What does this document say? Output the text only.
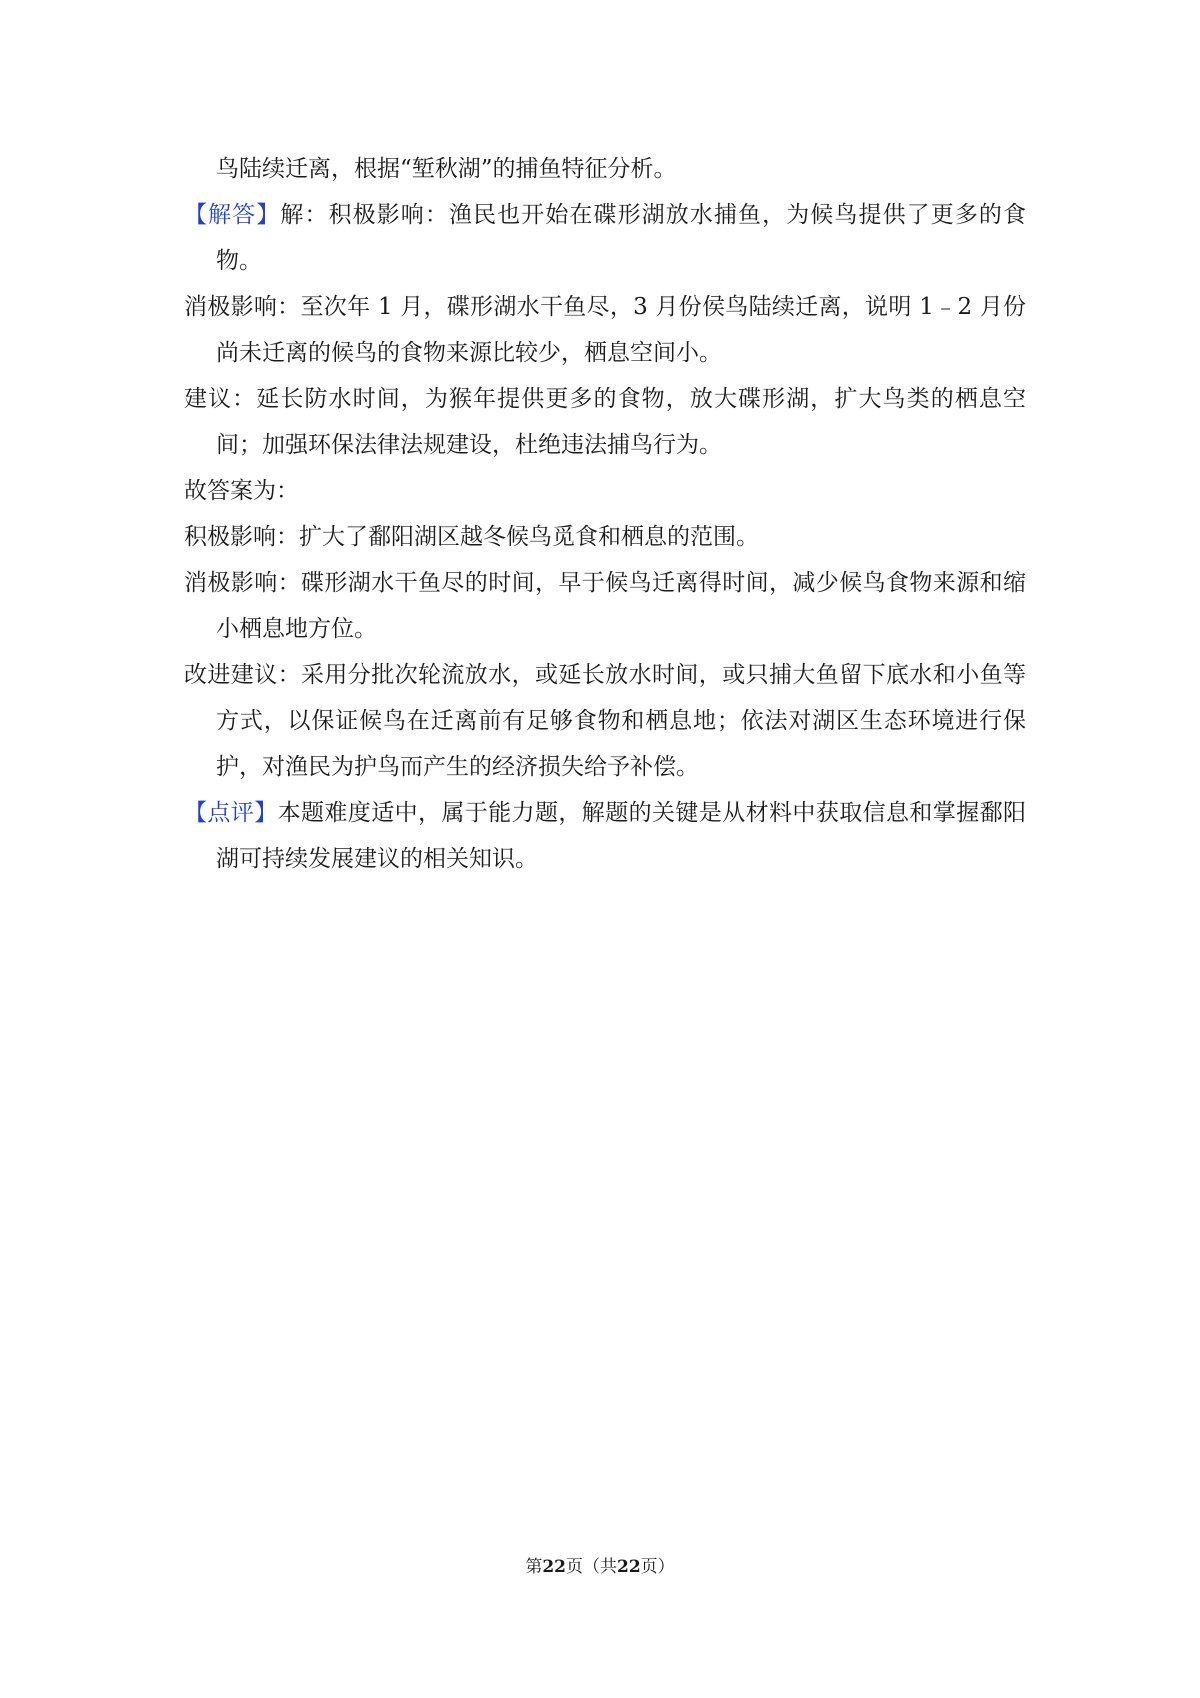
鸟陆续迁离，根据“堑秋湖”的捕鱼特征分析。

【解答】解：积极影响：渔民也开始在碟形湖放水捕鱼，为候鸟提供了更多的食物。

消极影响：至次年 1 月，碟形湖水干鱼尽，3 月份侯鸟陆续迁离，说明 1﹣2 月份尚未迁离的候鸟的食物来源比较少，栖息空间小。

建议：延长防水时间，为猴年提供更多的食物，放大碟形湖，扩大鸟类的栖息空间；加强环保法律法规建设，杜绝违法捕鸟行为。

故答案为：

积极影响：扩大了鄱阳湖区越冬候鸟觅食和栖息的范围。

消极影响：碟形湖水干鱼尽的时间，早于候鸟迁离得时间，减少候鸟食物来源和缩小栖息地方位。

改进建议：采用分批次轮流放水，或延长放水时间，或只捕大鱼留下底水和小鱼等方式，以保证候鸟在迁离前有足够食物和栖息地；依法对湖区生态环境进行保护，对渔民为护鸟而产生的经济损失给予补偿。

【点评】本题难度适中，属于能力题，解题的关键是从材料中获取信息和掌握鄱阳湖可持续发展建议的相关知识。

第22页（共22页）
